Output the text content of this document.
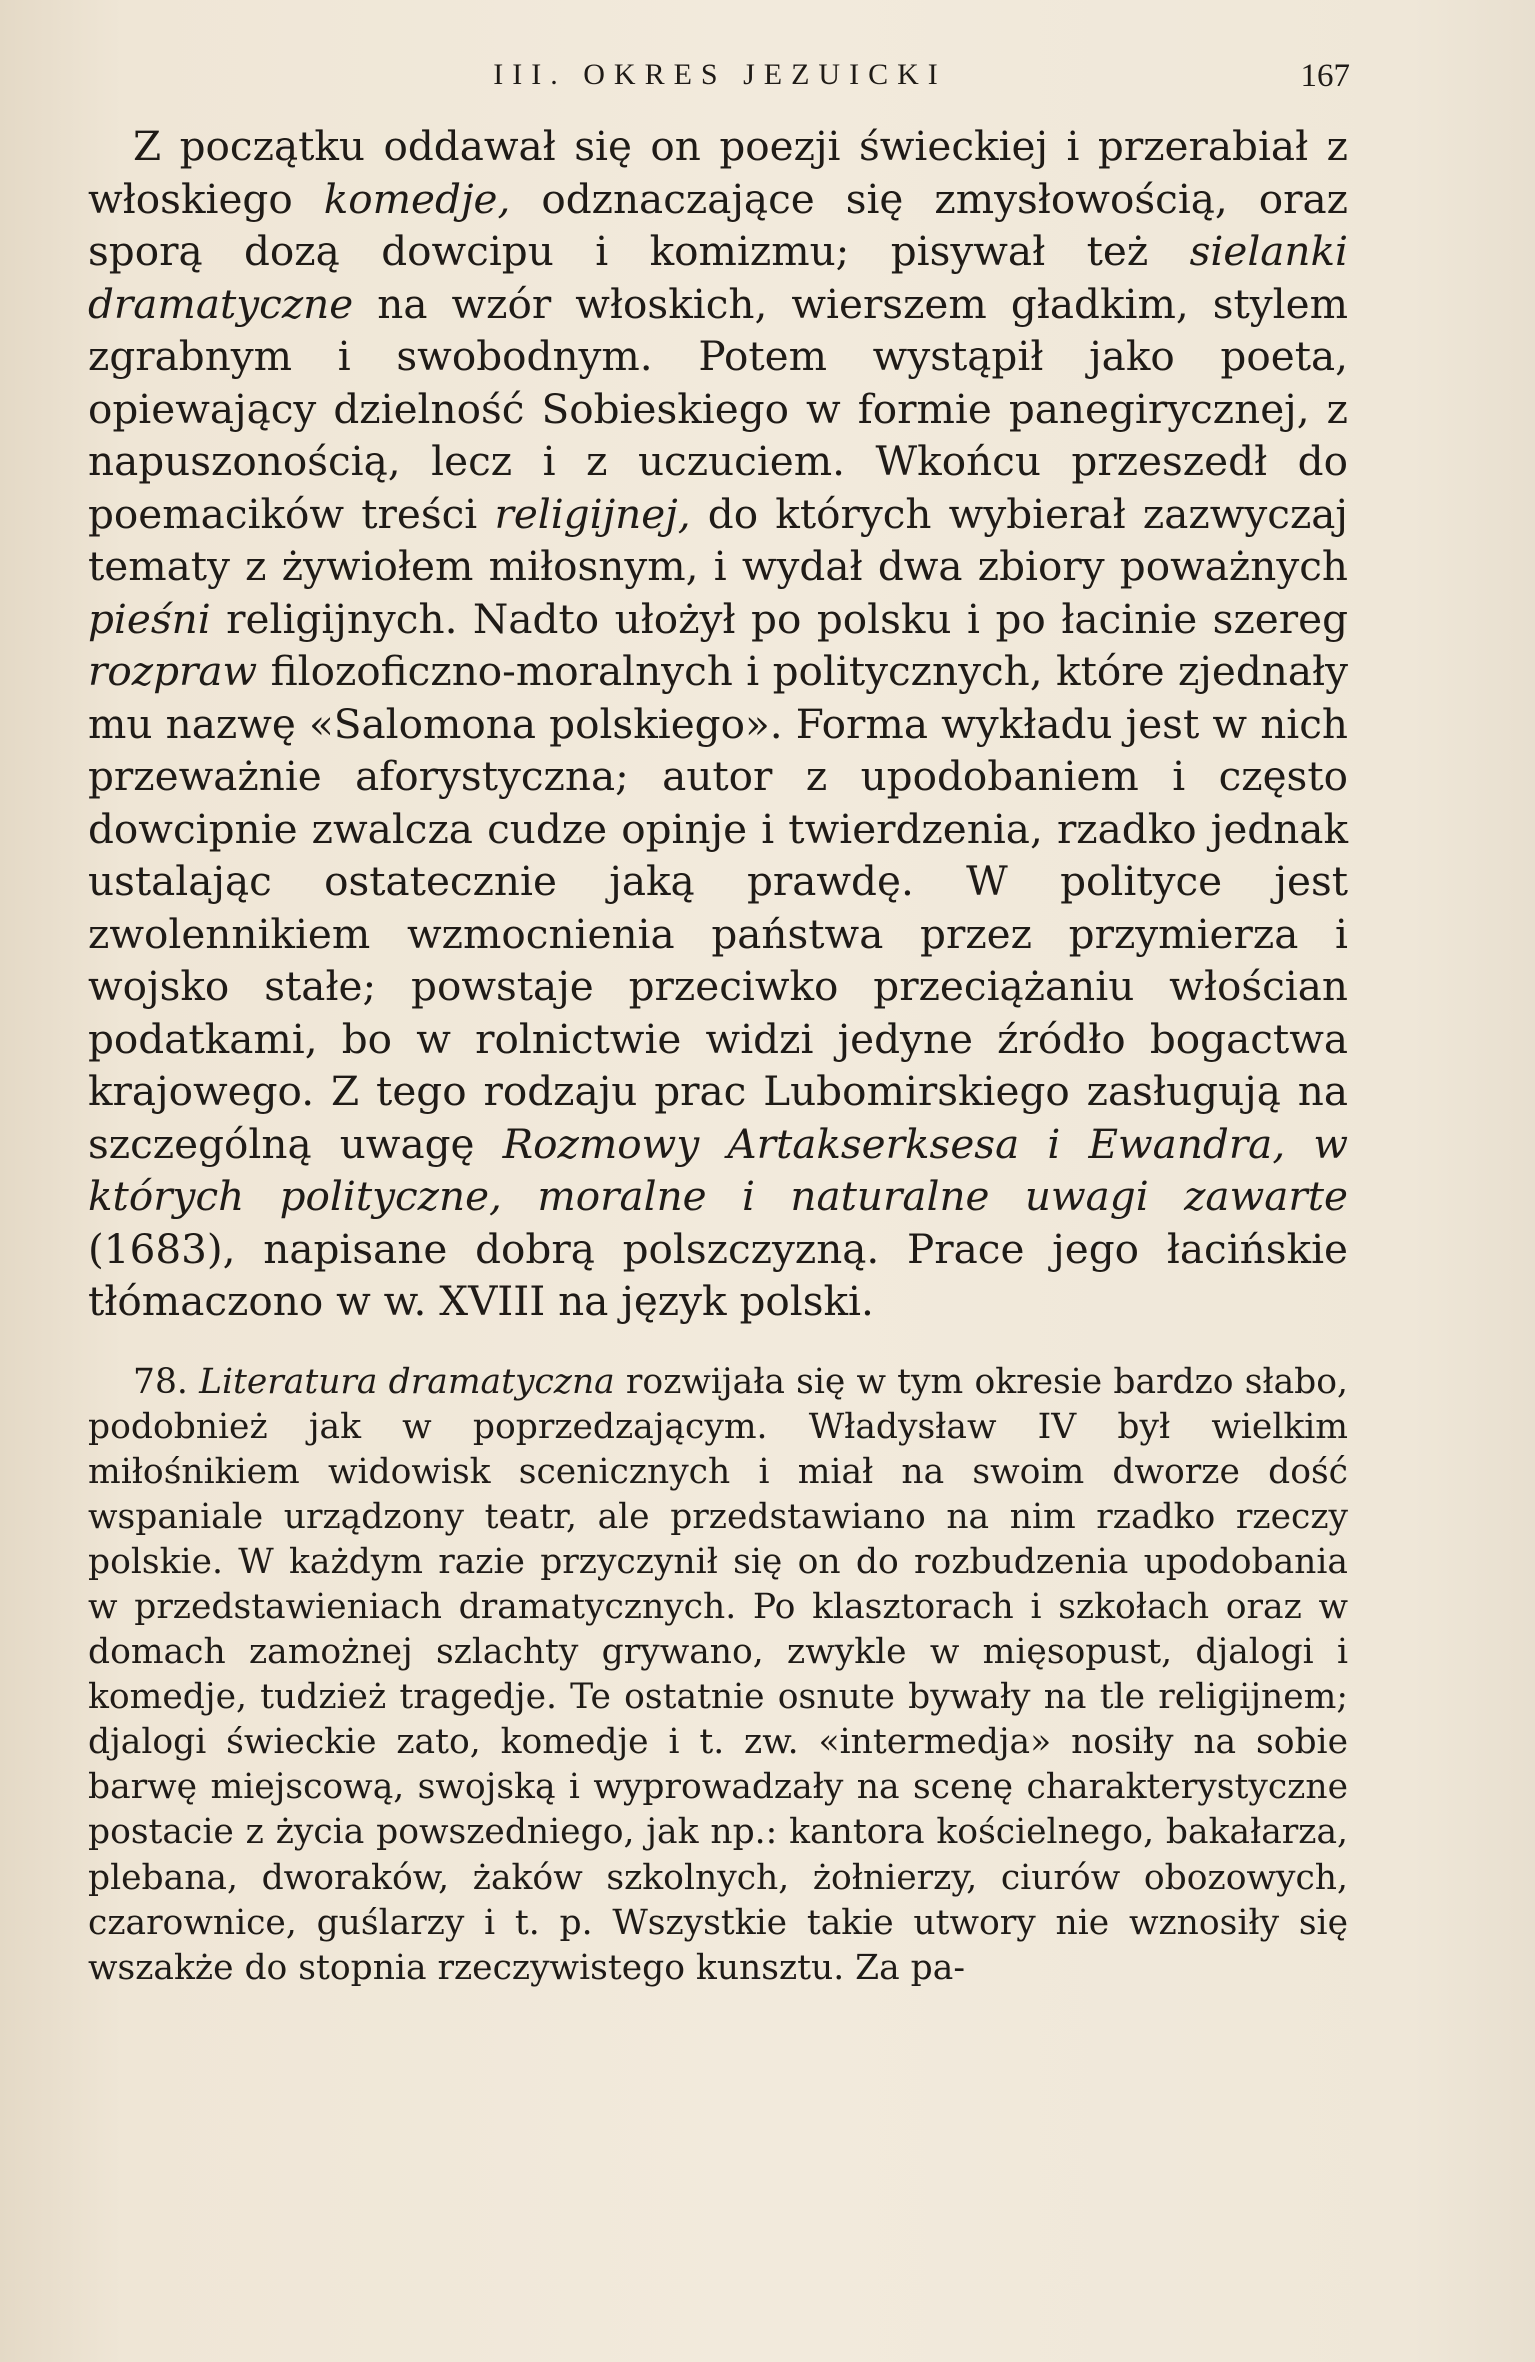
III. OKRES JEZUICKI	167

Z początku oddawał się on poezji świeckiej i przerabiał z włoskiego komedje, odznaczające się zmysłowością, oraz sporą dozą dowcipu i komizmu; pisywał też sielanki dramatyczne na wzór włoskich, wierszem gładkim, stylem zgrabnym i swobodnym. Potem wystąpił jako poeta, opiewający dzielność Sobieskiego w formie panegirycznej, z napuszonością, lecz i z uczuciem. Wkońcu przeszedł do poemacików treści religijnej, do których wybierał zazwyczaj tematy z żywiołem miłosnym, i wydał dwa zbiory poważnych pieśni religijnych. Nadto ułożył po polsku i po łacinie szereg rozpraw filozoficzno-moralnych i politycznych, które zjednały mu nazwę «Salomona polskiego». Forma wykładu jest w nich przeważnie aforystyczna; autor z upodobaniem i często dowcipnie zwalcza cudze opinje i twierdzenia, rzadko jednak ustalając ostatecznie jaką prawdę. W polityce jest zwolennikiem wzmocnienia państwa przez przymierza i wojsko stałe; powstaje przeciwko przeciążaniu włościan podatkami, bo w rolnictwie widzi jedyne źródło bogactwa krajowego. Z tego rodzaju prac Lubomirskiego zasługują na szczególną uwagę Rozmowy Artakserksesa i Ewandra, w których polityczne, moralne i naturalne uwagi zawarte (1683), napisane dobrą polszczyzną. Prace jego łacińskie tłómaczono w w. XVIII na język polski.

78. Literatura dramatyczna rozwijała się w tym okresie bardzo słabo, podobnież jak w poprzedzającym. Władysław IV był wielkim miłośnikiem widowisk scenicznych i miał na swoim dworze dość wspaniale urządzony teatr, ale przedstawiano na nim rzadko rzeczy polskie. W każdym razie przyczynił się on do rozbudzenia upodobania w przedstawieniach dramatycznych. Po klasztorach i szkołach oraz w domach zamożnej szlachty grywano, zwykle w mięsopust, djalogi i komedje, tudzież tragedje. Te ostatnie osnute bywały na tle religijnem; djalogi świeckie zato, komedje i t. zw. «intermedja» nosiły na sobie barwę miejscową, swojską i wyprowadzały na scenę charakterystyczne postacie z życia powszedniego, jak np.: kantora kościelnego, bakałarza, plebana, dworaków, żaków szkolnych, żołnierzy, ciurów obozowych, czarownice, guślarzy i t. p. Wszystkie takie utwory nie wznosiły się wszakże do stopnia rzeczywistego kunsztu. Za pa-
